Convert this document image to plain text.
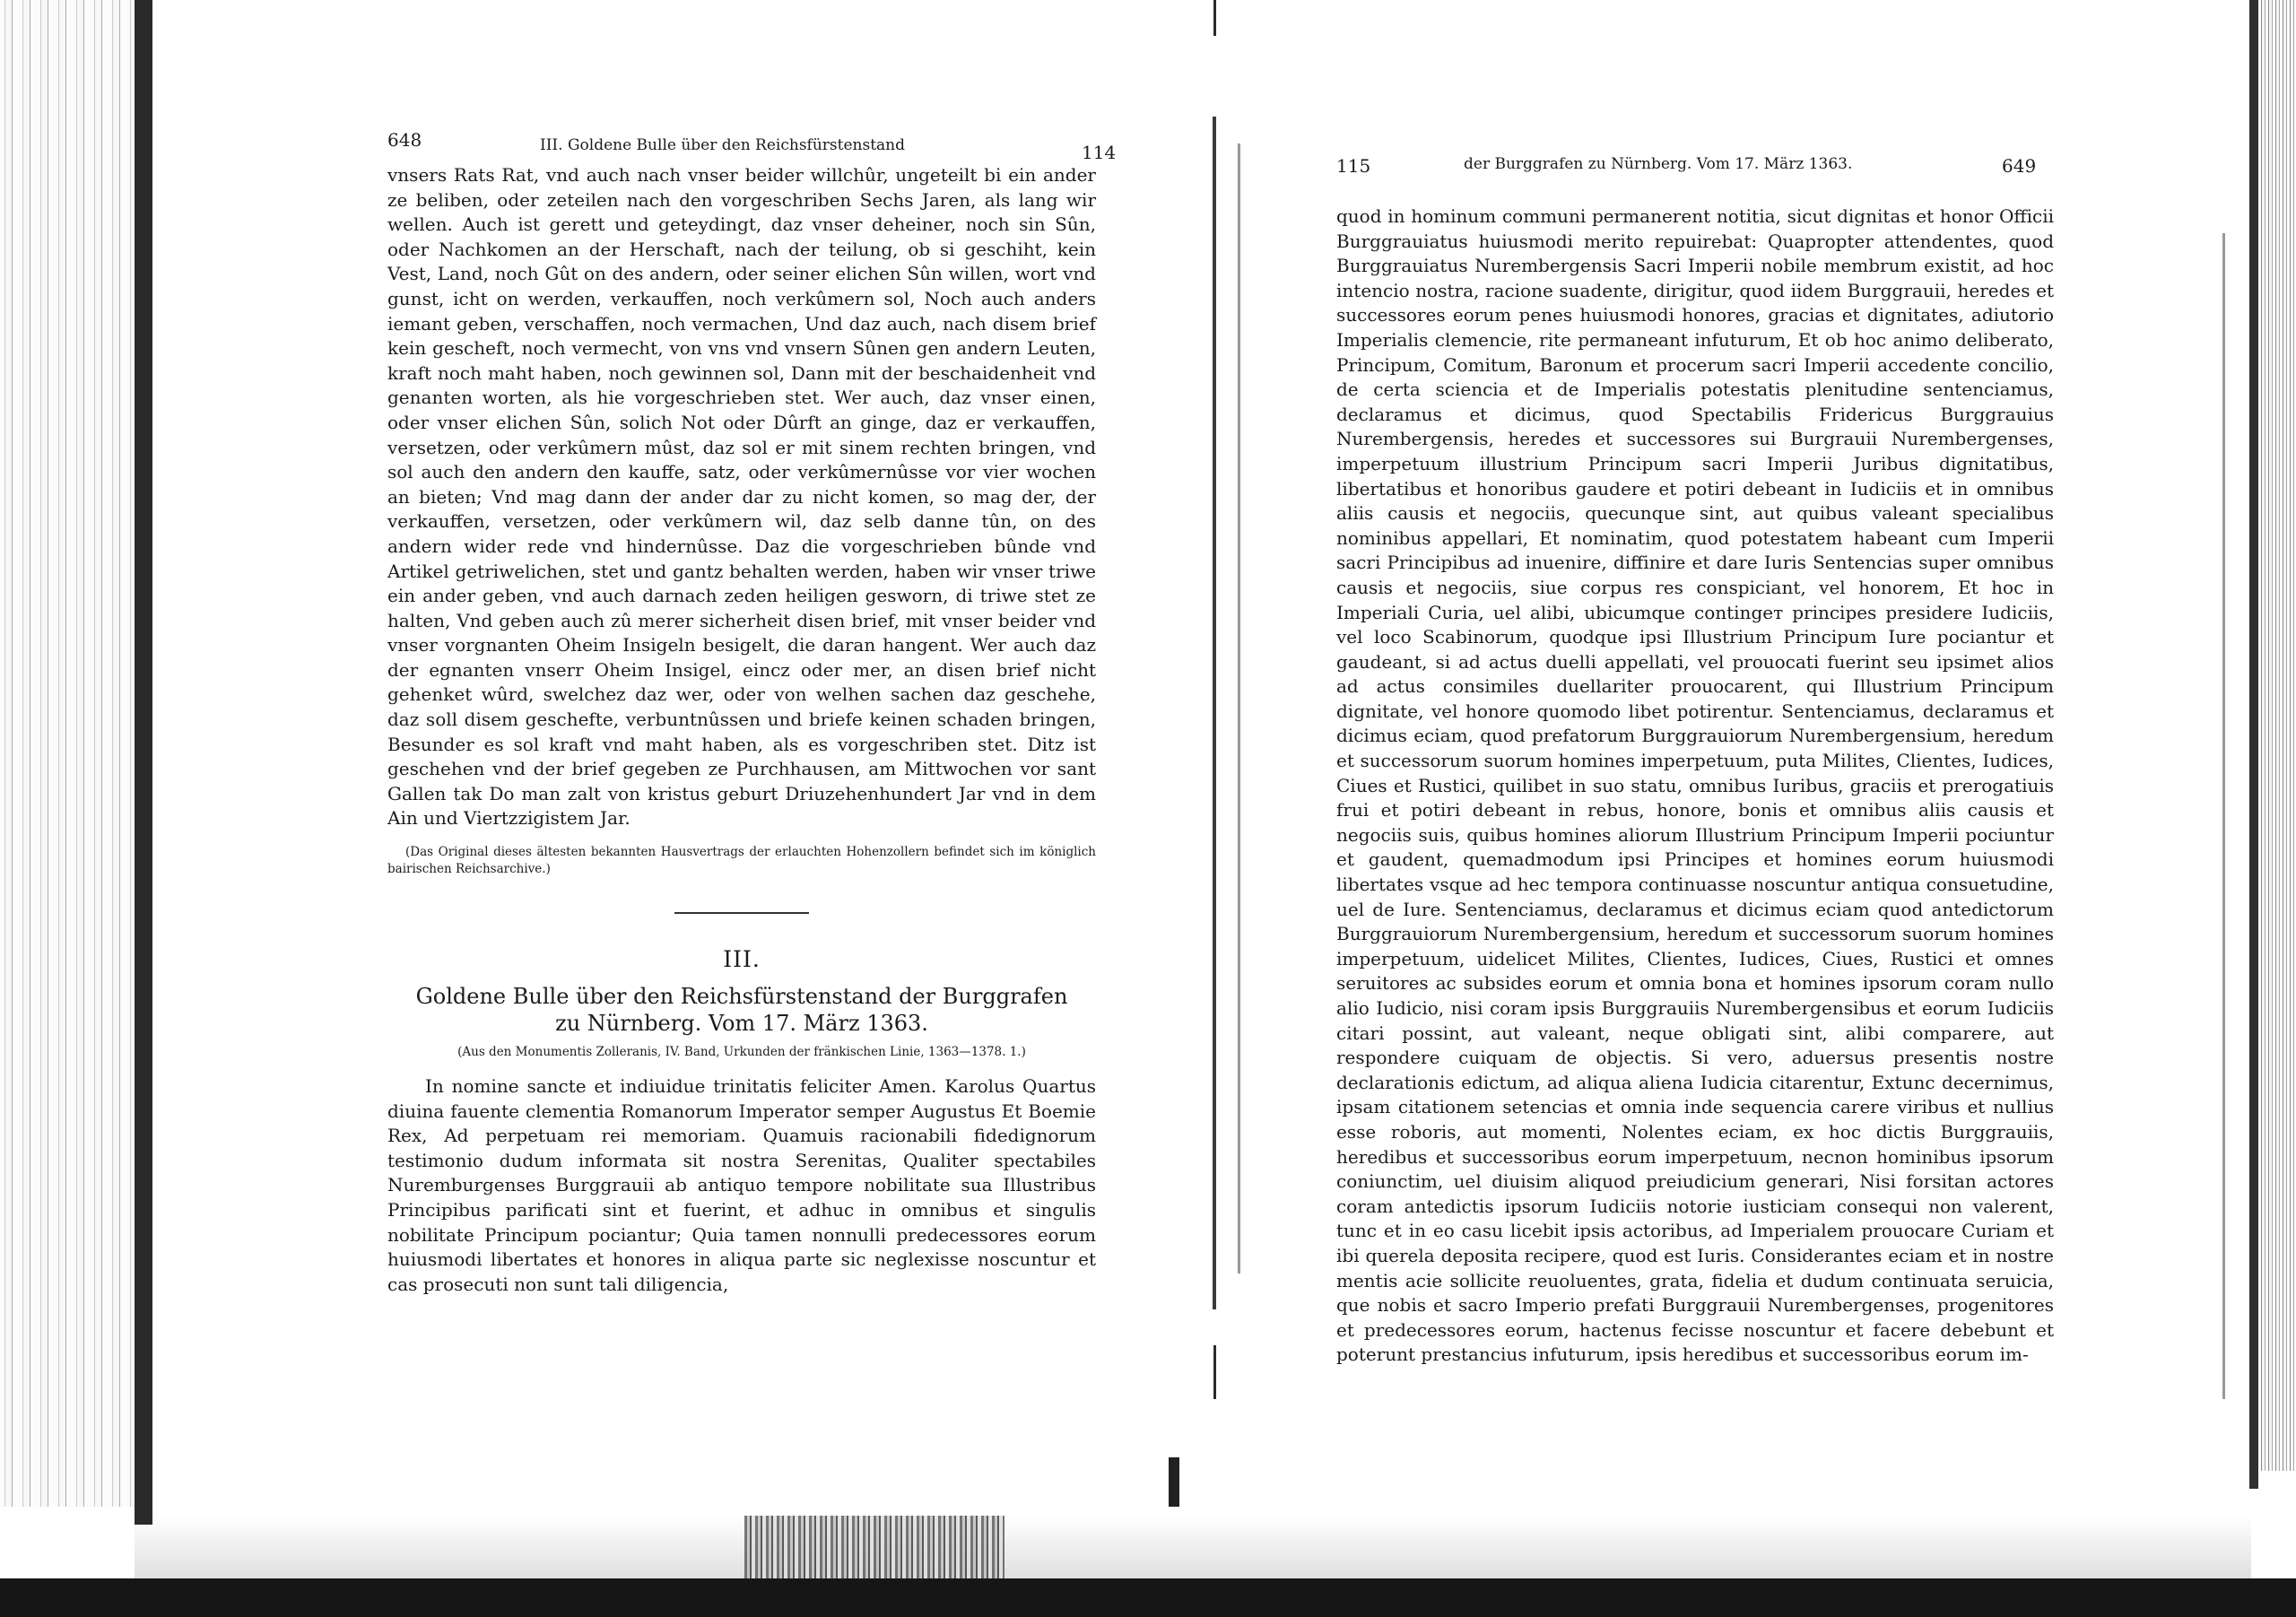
648	III. Goldene Bulle über den Reichsfürstenstand	114

vnsers Rats Rat, vnd auch nach vnser beider willchûr, ungeteilt bi ein ander ze beliben, oder zeteilen nach den vorgeschriben Sechs Jaren, als lang wir wellen. Auch ist gerett und geteydingt, daz vnser deheiner, noch sin Sûn, oder Nachkomen an der Herschaft, nach der teilung, ob si geschiht, kein Vest, Land, noch Gût on des andern, oder seiner elichen Sûn willen, wort vnd gunst, icht on werden, verkauffen, noch verkûmern sol, Noch auch anders iemant geben, verschaffen, noch vermachen, Und daz auch, nach disem brief kein gescheft, noch vermecht, von vns vnd vnsern Sûnen gen andern Leuten, kraft noch maht haben, noch gewinnen sol, Dann mit der beschaidenheit vnd genanten worten, als hie vorgeschrieben stet. Wer auch, daz vnser einen, oder vnser elichen Sûn, solich Not oder Dûrft an ginge, daz er verkauffen, versetzen, oder verkûmern mûst, daz sol er mit sinem rechten bringen, vnd sol auch den andern den kauffe, satz, oder verkûmernûsse vor vier wochen an bieten; Vnd mag dann der ander dar zu nicht komen, so mag der, der verkauffen, versetzen, oder verkûmern wil, daz selb danne tûn, on des andern wider rede vnd hindernûsse. Daz die vorgeschrieben bûnde vnd Artikel getriwelichen, stet und gantz behalten werden, haben wir vnser triwe ein ander geben, vnd auch darnach zeden heiligen gesworn, di triwe stet ze halten, Vnd geben auch zû merer sicherheit disen brief, mit vnser beider vnd vnser vorgnanten Oheim Insigeln besigelt, die daran hangent. Wer auch daz der egnanten vnserr Oheim Insigel, eincz oder mer, an disen brief nicht gehenket wûrd, swelchez daz wer, oder von welhen sachen daz geschehe, daz soll disem gescheftе, verbuntnûssen und briefe keinen schaden bringen, Besunder es sol kraft vnd maht haben, als es vorgeschriben stet. Ditz ist geschehen vnd der brief gegeben ze Purchhausen, am Mittwochen vor sant Gallen tak Do man zalt von kristus geburt Driuzehenhundert Jar vnd in dem Ain und Viertzzigistem Jar.

(Das Original dieses ältesten bekannten Hausvertrags der erlauchten Hohenzollern befindet sich im königlich bairischen Reichsarchive.)

III.

Goldene Bulle über den Reichsfürstenstand der Burggrafen

zu Nürnberg. Vom 17. März 1363.

(Aus den Monumentis Zolleranis, IV. Band, Urkunden der fränkischen Linie, 1363—1378. 1.)

In nomine sancte et indiuidue trinitatis feliciter Amen. Karolus Quartus diuina fauente clementia Romanorum Imperator semper Augustus Et Boemie Rex, Ad perpetuam rei memoriam. Quamuis racionabili fidedignorum testimonio dudum informata sit nostra Serenitas, Qualiter spectabiles Nuremburgenses Burggrauii ab antiquo tempore nobilitate sua Illustribus Principibus parificati sint et fuerint, et adhuc in omnibus et singulis nobilitate Principum pociantur; Quia tamen nonnulli predecessores eorum huiusmodi libertates et honores in aliqua parte sic neglexisse noscuntur et cas prosecuti non sunt tali diligencia,

115	der Burggrafen zu Nürnberg. Vom 17. März 1363.	649

quod in hominum communi permanerent notitia, sicut dignitas et honor Officii Burggrauiatus huiusmodi merito repuirebat: Quapropter attendentes, quod Burggrauiatus Nurembergensis Sacri Imperii nobile membrum existit, ad hoc intencio nostra, racione suadente, dirigitur, quod iidem Burggrauii, heredes et successores eorum penes huiusmodi honores, gracias et dignitates, adiutorio Imperialis clemencie, rite permaneant infuturum, Et ob hoc animo deliberato, Principum, Comitum, Baronum et procerum sacri Imperii accedente concilio, de certa sciencia et de Imperialis potestatis plenitudine sentenciamus, declaramus et dicimus, quod Spectabilis Fridericus Burggrauius Nurembergensis, heredes et successores sui Burgrauii Nurembergenses, imperpetuum illustrium Principum sacri Imperii Juribus dignitatibus, libertatibus et honoribus gaudere et potiri debeant in Iudiciis et in omnibus aliis causis et negociis, quecunque sint, aut quibus valeant specialibus nominibus appellari, Et nominatim, quod potestatem habeant cum Imperii sacri Principibus ad inuenire, diffinire et dare Iuris Sentencias super omnibus causis et negociis, siue corpus res conspiciant, vel honorem, Et hoc in Imperiali Curia, uel alibi, ubicumque contingeт principes presidere Iudiciis, vel loco Scabinorum, quodque ipsi Illustrium Principum Iure pociantur et gaudeant, si ad actus duelli appellati, vel prouocati fuerint seu ipsimet alios ad actus consimiles duellariter prouocarent, qui Illustrium Principum dignitate, vel honore quomodo libet potirentur. Sentenciamus, declaramus et dicimus eciam, quod prefatorum Burggrauiorum Nurembergensium, heredum et successorum suorum homines imperpetuum, puta Milites, Clientes, Iudices, Ciues et Rustici, quilibet in suo statu, omnibus Iuribus, graciis et prerogatiuis frui et potiri debeant in rebus, honore, bonis et omnibus aliis causis et negociis suis, quibus homines aliorum Illustrium Principum Imperii pociuntur et gaudent, quemadmodum ipsi Principes et homines eorum huiusmodi libertates vsque ad hec tempora continuasse noscuntur antiqua consuetudine, uel de Iure. Sentenciamus, declaramus et dicimus eciam quod antedictorum Burggrauiorum Nurembergensium, heredum et successorum suorum homines imperpetuum, uidelicet Milites, Clientes, Iudices, Ciues, Rustici et omnes seruitores ac subsides eorum et omnia bona et homines ipsorum coram nullo alio Iudicio, nisi coram ipsis Burggrauiis Nurembergensibus et eorum Iudiciis citari possint, aut valeant, neque obligati sint, alibi comparere, aut respondere cuiquam de objectis. Si vero, aduersus presentis nostre declarationis edictum, ad aliqua aliena Iudicia citarentur, Extunc decernimus, ipsam citationem setencias et omnia inde sequencia carere viribus et nullius esse roboris, aut momenti, Nolentes eciam, ex hoc dictis Burggrauiis, heredibus et successoribus eorum imperpetuum, necnon hominibus ipsorum coniunctim, uel diuisim aliquod preiudicium generari, Nisi forsitan actores coram antedictis ipsorum Iudiciis notorie iusticiam consequi non valerent, tunc et in eo casu licebit ipsis actoribus, ad Imperialem prouocare Curiam et ibi querela deposita recipere, quod est Iuris. Considerantes eciam et in nostre mentis acie sollicite reuoluentes, grata, fidelia et dudum continuata seruicia, que nobis et sacro Imperio prefati Burggrauii Nurembergenses, progenitores et predecessores eorum, hactenus fecisse noscuntur et facere debebunt et poterunt prestancius infuturum, ipsis heredibus et successoribus eorum im-
